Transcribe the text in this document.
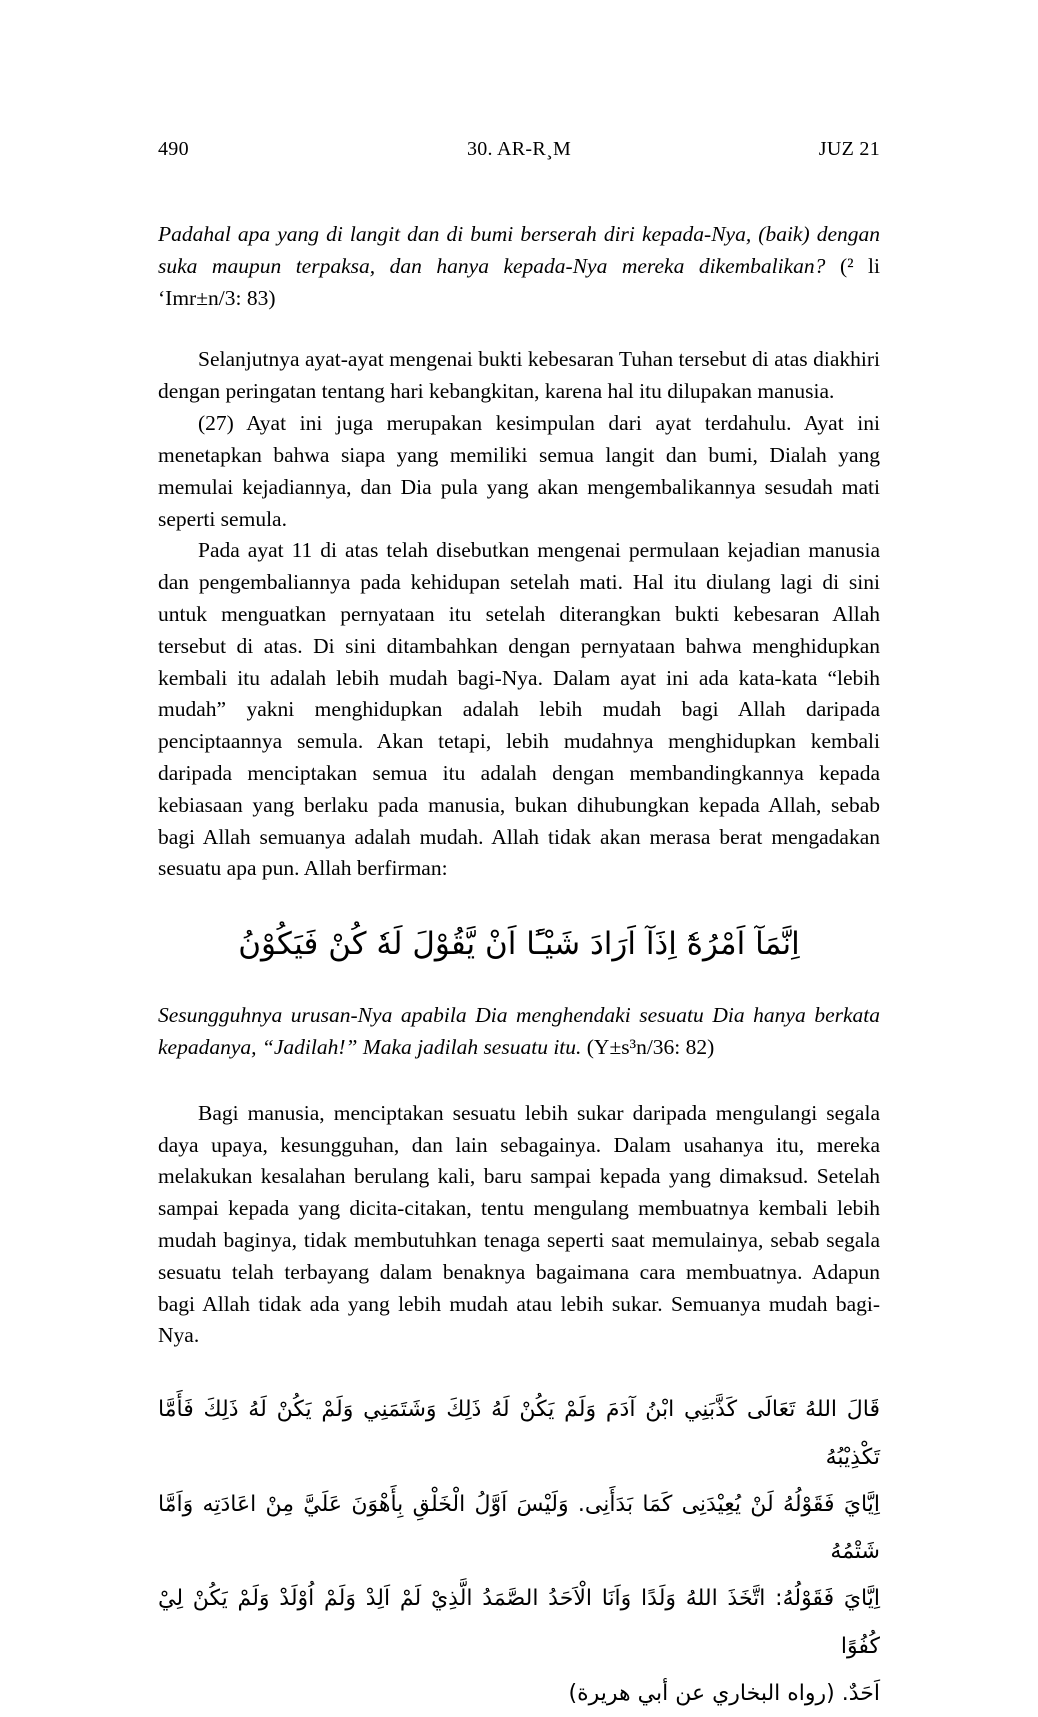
490	30. AR-R¸M	JUZ 21

Padahal apa yang di langit dan di bumi berserah diri kepada-Nya, (baik) dengan suka maupun terpaksa, dan hanya kepada-Nya mereka dikembalikan? (² li ‘Imr±n/3: 83)

Selanjutnya ayat-ayat mengenai bukti kebesaran Tuhan tersebut di atas diakhiri dengan peringatan tentang hari kebangkitan, karena hal itu dilupakan manusia.

(27) Ayat ini juga merupakan kesimpulan dari ayat terdahulu. Ayat ini menetapkan bahwa siapa yang memiliki semua langit dan bumi, Dialah yang memulai kejadiannya, dan Dia pula yang akan mengembalikannya sesudah mati seperti semula.

Pada ayat 11 di atas telah disebutkan mengenai permulaan kejadian manusia dan pengembaliannya pada kehidupan setelah mati. Hal itu diulang lagi di sini untuk menguatkan pernyataan itu setelah diterangkan bukti kebesaran Allah tersebut di atas. Di sini ditambahkan dengan pernyataan bahwa menghidupkan kembali itu adalah lebih mudah bagi-Nya. Dalam ayat ini ada kata-kata “lebih mudah” yakni menghidupkan adalah lebih mudah bagi Allah daripada penciptaannya semula. Akan tetapi, lebih mudahnya menghidupkan kembali daripada menciptakan semua itu adalah dengan membandingkannya kepada kebiasaan yang berlaku pada manusia, bukan dihubungkan kepada Allah, sebab bagi Allah semuanya adalah mudah. Allah tidak akan merasa berat mengadakan sesuatu apa pun. Allah berfirman:

اِنَّمَآ اَمْرُهٗٓ اِذَآ اَرَادَ شَيْـًٔا اَنْ يَّقُوْلَ لَهٗ كُنْ فَيَكُوْنُ

Sesungguhnya urusan-Nya apabila Dia menghendaki sesuatu Dia hanya berkata kepadanya, “Jadilah!” Maka jadilah sesuatu itu. (Y±s³n/36: 82)

Bagi manusia, menciptakan sesuatu lebih sukar daripada mengulangi segala daya upaya, kesungguhan, dan lain sebagainya. Dalam usahanya itu, mereka melakukan kesalahan berulang kali, baru sampai kepada yang dimaksud. Setelah sampai kepada yang dicita-citakan, tentu mengulang membuatnya kembali lebih mudah baginya, tidak membutuhkan tenaga seperti saat memulainya, sebab segala sesuatu telah terbayang dalam benaknya bagaimana cara membuatnya. Adapun bagi Allah tidak ada yang lebih mudah atau lebih sukar. Semuanya mudah bagi-Nya.

قَالَ اللهُ تَعَالَى كَذَّبَنِي ابْنُ آدَمَ وَلَمْ يَكُنْ لَهُ ذَلِكَ وَشَتَمَنِي وَلَمْ يَكُنْ لَهُ ذَلِكَ فَأَمَّا تَكْذِيْبُهُ
اِيَّايَ فَقَوْلُهُ لَنْ يُعِيْدَنِى كَمَا بَدَأَنِى. وَلَيْسَ اَوَّلُ الْخَلْقِ بِأَهْوَنَ عَلَيَّ مِنْ اعَادَتِه وَاَمَّا شَتْمُهُ
اِيَّايَ فَقَوْلُهُ: اتَّخَذَ اللهُ وَلَدًا وَاَنَا الْاَحَدُ الصَّمَدُ الَّذِيْ لَمْ اَلِدْ وَلَمْ اُوْلَدْ وَلَمْ يَكُنْ لِيْ كُفُوًا
اَحَدٌ. (رواه البخاري عن أبي هريرة)
